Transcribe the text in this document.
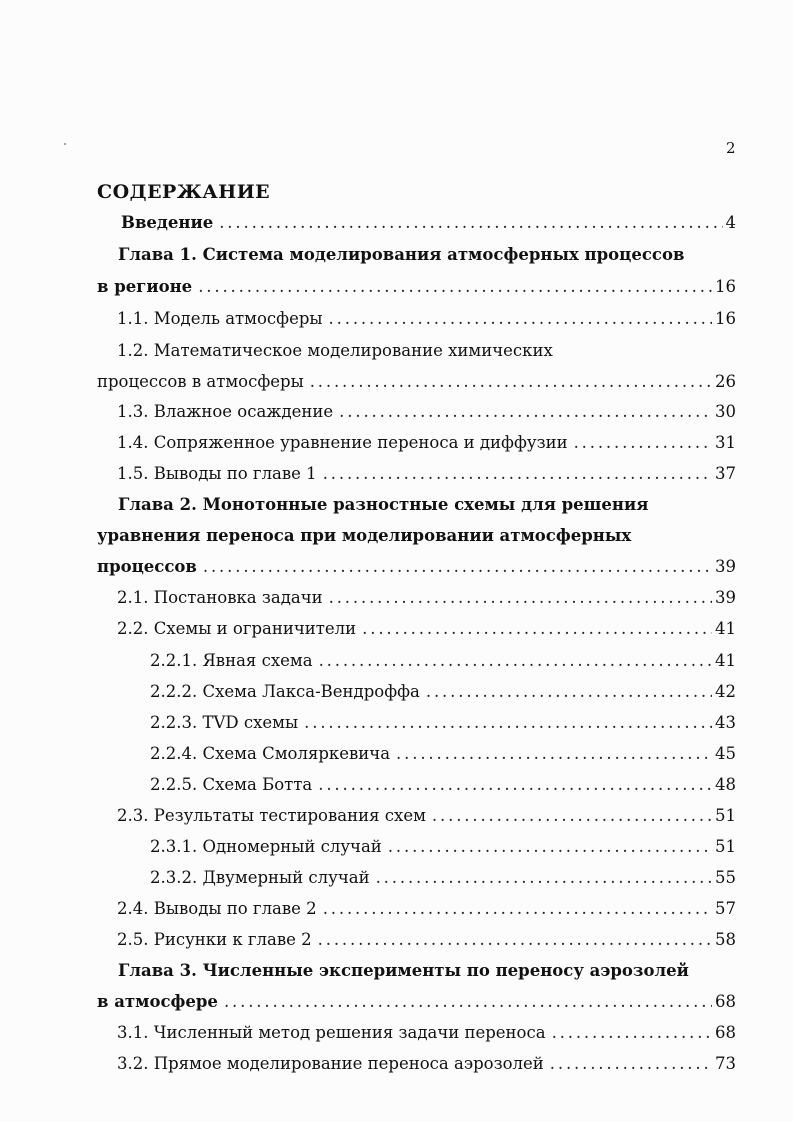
2
СОДЕРЖАНИЕ
Введение . . .	4
Глава 1. Система моделирования атмосферных процессов
в регионе . . .	16
1.1. Модель атмосферы . . .	16
1.2. Математическое моделирование химических
процессов в атмосферы . . .	26
1.3. Влажное осаждение . . .	30
1.4. Сопряженное уравнение переноса и диффузии . . .	31
1.5. Выводы по главе 1 . . .	37
Глава 2. Монотонные разностные схемы для решения
уравнения переноса при моделировании атмосферных
процессов . . .	39
2.1. Постановка задачи . . .	39
2.2. Схемы и ограничители . . .	41
2.2.1. Явная схема . . .	41
2.2.2. Схема Лакса-Вендроффа . . .	42
2.2.3. TVD схемы . . .	43
2.2.4. Схема Смоляркевича . . .	45
2.2.5. Схема Ботта . . .	48
2.3. Результаты тестирования схем . . .	51
2.3.1. Одномерный случай . . .	51
2.3.2. Двумерный случай . . .	55
2.4. Выводы по главе 2 . . .	57
2.5. Рисунки к главе 2 . . .	58
Глава 3. Численные эксперименты по переносу аэрозолей
в атмосфере . . .	68
3.1. Численный метод решения задачи переноса . . .	68
3.2. Прямое моделирование переноса аэрозолей . . .	73
